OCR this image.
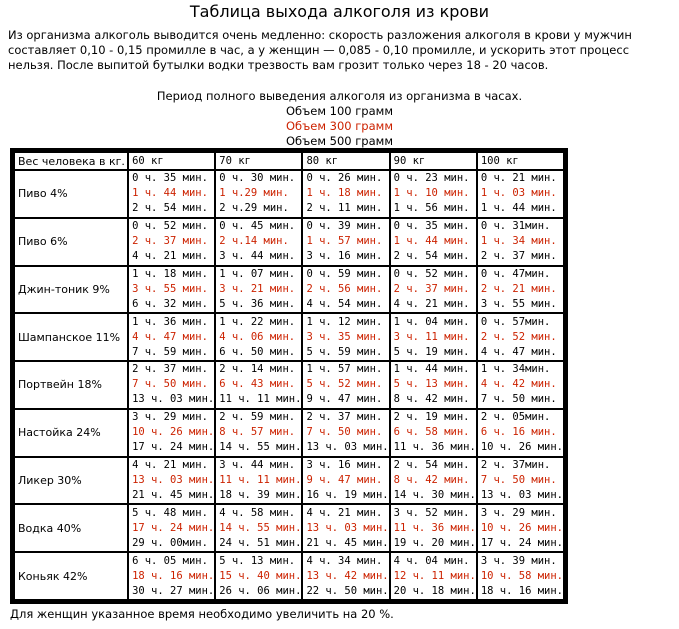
Таблица выхода алкоголя из крови
Из организма алкоголь выводится очень медленно: скорость разложения алкоголя в крови у мужчин составляет 0,10 - 0,15 промилле в час, а у женщин — 0,085 - 0,10 промилле, и ускорить этот процесс нельзя. После выпитой бутылки водки трезвость вам грозит только через 18 - 20 часов.
Период полного выведения алкоголя из организма в часах.
Объем 100 грамм
Объем 300 грамм
Объем 500 грамм
Вес человека в кг.	60 кг	70 кг	80 кг	90 кг	100 кг
Пиво 4%	0 ч. 35 мин.
1 ч. 44 мин.
2 ч. 54 мин.	0 ч. 30 мин.
1 ч.29 мин.
2 ч.29 мин.	0 ч. 26 мин.
1 ч. 18 мин.
2 ч. 11 мин.	0 ч. 23 мин.
1 ч. 10 мин.
1 ч. 56 мин.	0 ч. 21 мин.
1 ч. 03 мин.
1 ч. 44 мин.

Пиво 6%	0 ч. 52 мин.
2 ч. 37 мин.
4 ч. 21 мин.	0 ч. 45 мин.
2 ч.14 мин.
3 ч. 44 мин.	0 ч. 39 мин.
1 ч. 57 мин.
3 ч. 16 мин.	0 ч. 35 мин.
1 ч. 44 мин.
2 ч. 54 мин.	0 ч. 31мин.
1 ч. 34 мин.
2 ч. 37 мин.

Джин-тоник 9%	1 ч. 18 мин.
3 ч. 55 мин.
6 ч. 32 мин.	1 ч. 07 мин.
3 ч. 21 мин.
5 ч. 36 мин.	0 ч. 59 мин.
2 ч. 56 мин.
4 ч. 54 мин.	0 ч. 52 мин.
2 ч. 37 мин.
4 ч. 21 мин.	0 ч. 47мин.
2 ч. 21 мин.
3 ч. 55 мин.

Шампанское 11%	1 ч. 36 мин.
4 ч. 47 мин.
7 ч. 59 мин.	1 ч. 22 мин.
4 ч. 06 мин.
6 ч. 50 мин.	1 ч. 12 мин.
3 ч. 35 мин.
5 ч. 59 мин.	1 ч. 04 мин.
3 ч. 11 мин.
5 ч. 19 мин.	0 ч. 57мин.
2 ч. 52 мин.
4 ч. 47 мин.

Портвейн 18%	2 ч. 37 мин.
7 ч. 50 мин.
13 ч. 03 мин.	2 ч. 14 мин.
6 ч. 43 мин.
11 ч. 11 мин.	1 ч. 57 мин.
5 ч. 52 мин.
9 ч. 47 мин.	1 ч. 44 мин.
5 ч. 13 мин.
8 ч. 42 мин.	1 ч. 34мин.
4 ч. 42 мин.
7 ч. 50 мин.

Настойка 24%	3 ч. 29 мин.
10 ч. 26 мин.
17 ч. 24 мин.	2 ч. 59 мин.
8 ч. 57 мин.
14 ч. 55 мин.	2 ч. 37 мин.
7 ч. 50 мин.
13 ч. 03 мин.	2 ч. 19 мин.
6 ч. 58 мин.
11 ч. 36 мин.	2 ч. 05мин.
6 ч. 16 мин.
10 ч. 26 мин.

Ликер 30%	4 ч. 21 мин.
13 ч. 03 мин.
21 ч. 45 мин.	3 ч. 44 мин.
11 ч. 11 мин.
18 ч. 39 мин.	3 ч. 16 мин.
9 ч. 47 мин.
16 ч. 19 мин.	2 ч. 54 мин.
8 ч. 42 мин.
14 ч. 30 мин.	2 ч. 37мин.
7 ч. 50 мин.
13 ч. 03 мин.

Водка 40%	5 ч. 48 мин.
17 ч. 24 мин.
29 ч. 00мин.	4 ч. 58 мин.
14 ч. 55 мин.
24 ч. 51 мин.	4 ч. 21 мин.
13 ч. 03 мин.
21 ч. 45 мин.	3 ч. 52 мин.
11 ч. 36 мин.
19 ч. 20 мин.	3 ч. 29 мин.
10 ч. 26 мин.
17 ч. 24 мин.

Коньяк 42%	6 ч. 05 мин.
18 ч. 16 мин.
30 ч. 27 мин.	5 ч. 13 мин.
15 ч. 40 мин.
26 ч. 06 мин.	4 ч. 34 мин.
13 ч. 42 мин.
22 ч. 50 мин.	4 ч. 04 мин.
12 ч. 11 мин.
20 ч. 18 мин.	3 ч. 39 мин.
10 ч. 58 мин.
18 ч. 16 мин.
Для женщин указанное время необходимо увеличить на 20 %.
